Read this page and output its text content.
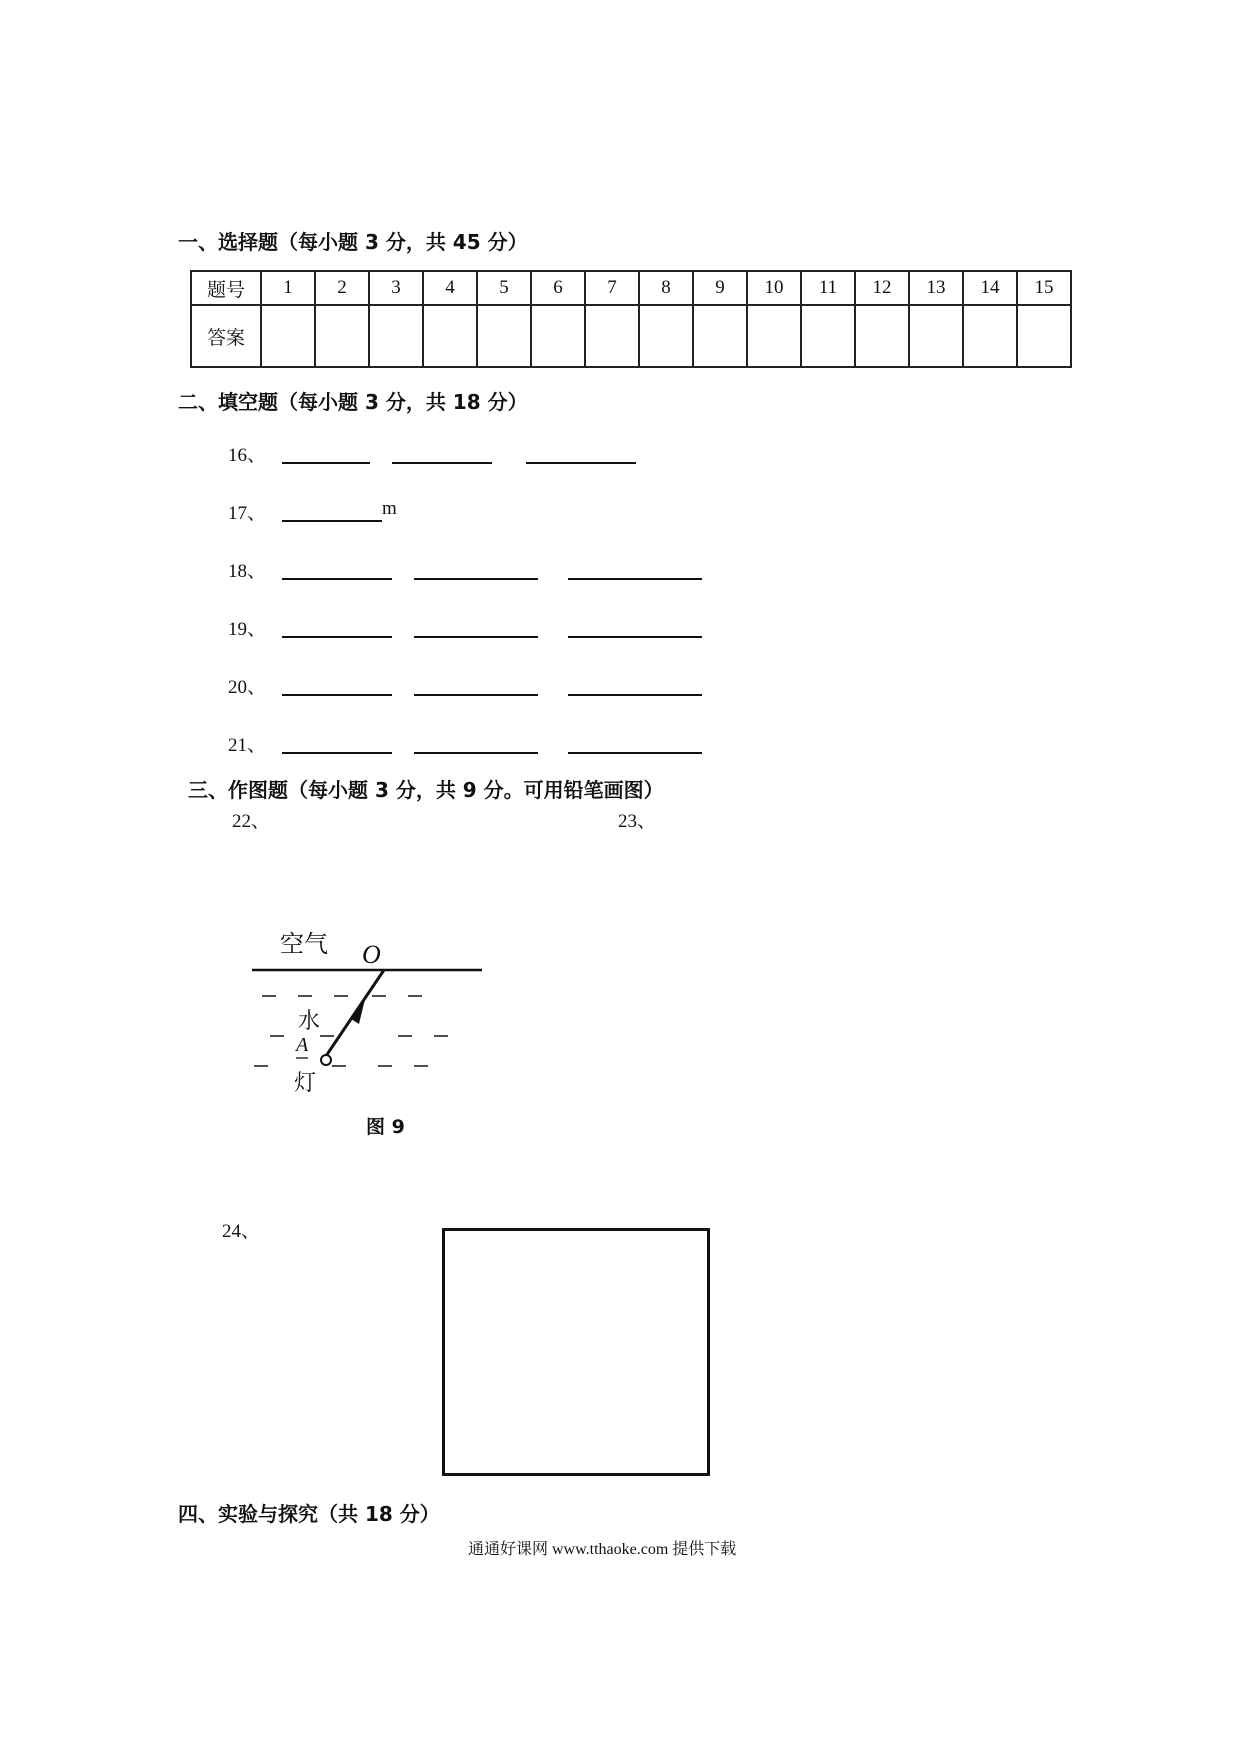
一、选择题（每小题 3 分，共 45 分）
题号	1	2	3	4	5	6	7	8	9	10	11	12	13	14	15
答案															
二、填空题（每小题 3 分，共 18 分）
16、
17、	m
18、
19、
20、
21、
三、作图题（每小题 3 分，共 9 分。可用铅笔画图）
22、	23、
空气 O
水
A
灯
图 9
24、
四、实验与探究（共 18 分）
通通好课网 www.tthaoke.com 提供下载
